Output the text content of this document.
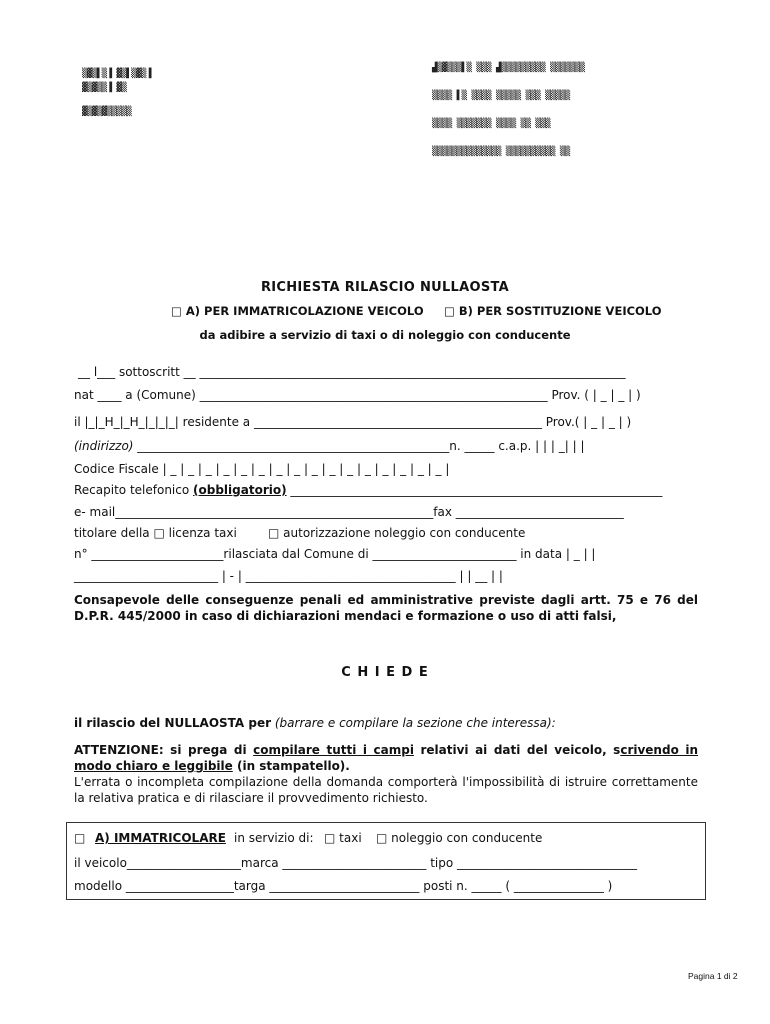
▒▓▒▌▒▐ ▓▒▌▒▓▒▐
▓▒▓▒▒▐ ▓▒
▓▒▓▒▓▒▒▒▒▒
▟▒▓▒▒▒▌▒ ▒▒▒ ▟▒▒▒▒▒▒▒▒▒ ▒▒▒▒▒▒▒
▒▒▒▒ ▌▒ ▒▒▒▒ ▒▒▒▒▒ ▒▒▒ ▒▒▒▒▒
▒▒▒▒ ▒▒▒▒▒▒▒ ▒▒▒▒ ▒▒ ▒▒▒
▒▒▒▒▒▒▒▒▒▒▒▒▒▒ ▒▒▒▒▒▒▒▒▒▒ ▒▒
RICHIESTA RILASCIO NULLAOSTA
□ A) PER IMMATRICOLAZIONE VEICOLO □ B) PER SOSTITUZIONE VEICOLO
da adibire a servizio di taxi o di noleggio con conducente
__ l___ sottoscritt __ _______________________________________________________________________
nat ____ a (Comune) __________________________________________________________ Prov. ( | _ | _ | )
il |_|_H_|_H_|_|_|_| residente a ________________________________________________ Prov.( | _ | _ | )
(indirizzo) ____________________________________________________n. _____ c.a.p. | | | _| | |
Codice Fiscale | _ | _ | _ | _ | _ | _ | _ | _ | _ | _ | _ | _ | _ | _ | _ | _ |
Recapito telefonico (obbligatorio) ______________________________________________________________
e- mail_____________________________________________________fax ____________________________
titolare della □ licenza taxi	□ autorizzazione noleggio con conducente
n° ______________________rilasciata dal Comune di ________________________ in data | _ | |
________________________ | - | ___________________________________ | | __ | |
Consapevole delle conseguenze penali ed amministrative previste dagli artt. 75 e 76 del D.P.R. 445/2000 in caso di dichiarazioni mendaci e formazione o uso di atti falsi,
C H I E D E
il rilascio del NULLAOSTA per (barrare e compilare la sezione che interessa):
ATTENZIONE: si prega di compilare tutti i campi relativi ai dati del veicolo, scrivendo in modo chiaro e leggibile (in stampatello).
L'errata o incompleta compilazione della domanda comporterà l'impossibilità di istruire correttamente la relativa pratica e di rilasciare il provvedimento richiesto.
□ A) IMMATRICOLARE in servizio di: □ taxi □ noleggio con conducente
il veicolo___________________marca ________________________ tipo ______________________________
modello __________________targa _________________________ posti n. _____ ( _______________ )
Pagina 1 di 2
